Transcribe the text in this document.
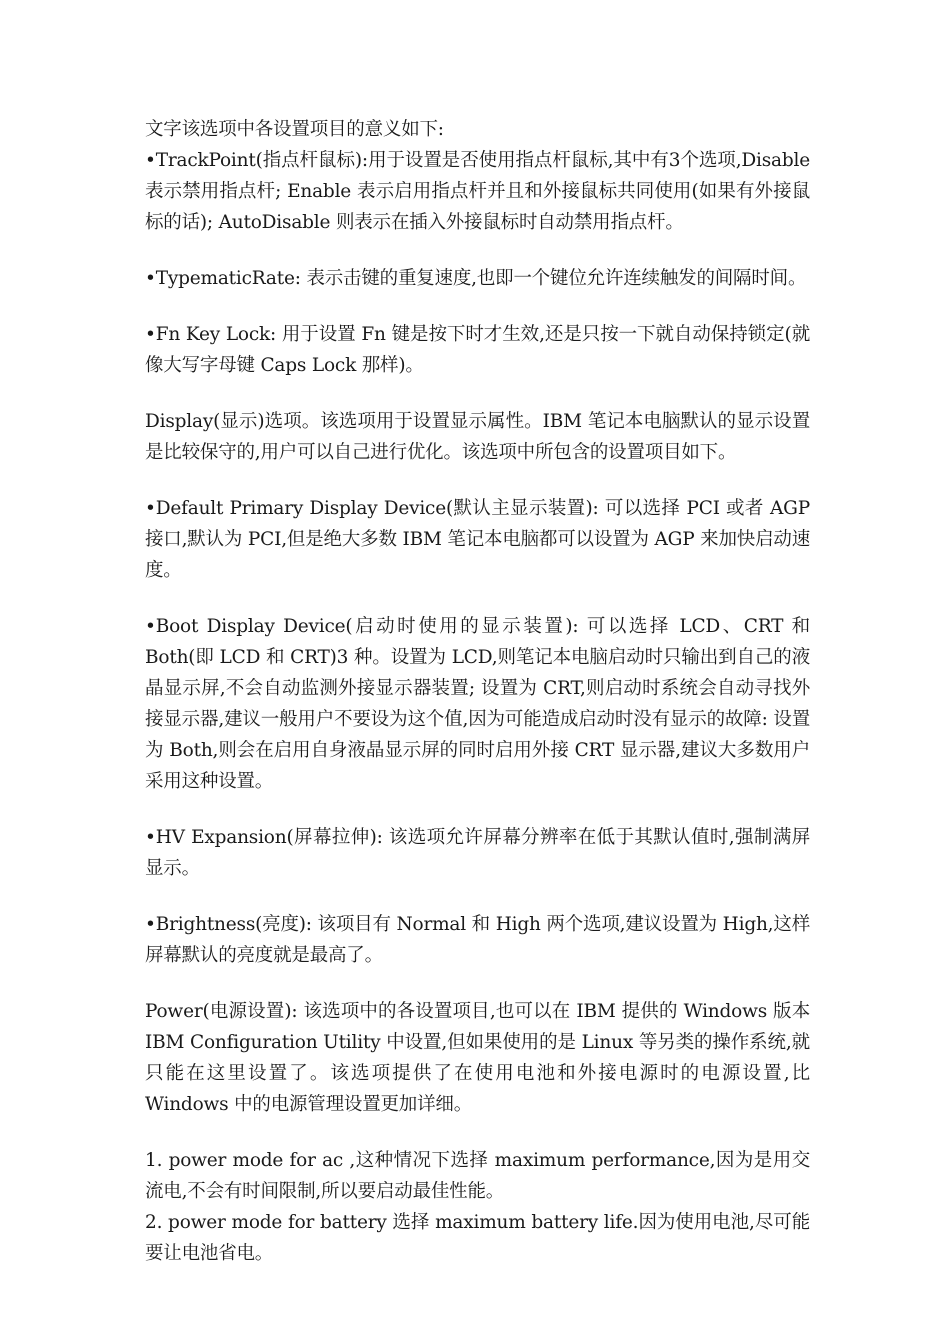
文字该选项中各设置项目的意义如下:

•TrackPoint(指点杆鼠标):用于设置是否使用指点杆鼠标,其中有3个选项,Disable表示禁用指点杆; Enable 表示启用指点杆并且和外接鼠标共同使用(如果有外接鼠标的话); AutoDisable 则表示在插入外接鼠标时自动禁用指点杆。

•TypematicRate: 表示击键的重复速度,也即一个键位允许连续触发的间隔时间。

•Fn Key Lock: 用于设置 Fn 键是按下时才生效,还是只按一下就自动保持锁定(就像大写字母键 Caps Lock 那样)。

Display(显示)选项。该选项用于设置显示属性。IBM 笔记本电脑默认的显示设置是比较保守的,用户可以自己进行优化。该选项中所包含的设置项目如下。

•Default Primary Display Device(默认主显示装置): 可以选择 PCI 或者 AGP 接口,默认为 PCI,但是绝大多数 IBM 笔记本电脑都可以设置为 AGP 来加快启动速度。

•Boot Display Device(启动时使用的显示装置): 可以选择 LCD、CRT 和 Both(即 LCD 和 CRT)3 种。设置为 LCD,则笔记本电脑启动时只输出到自己的液晶显示屏,不会自动监测外接显示器装置; 设置为 CRT,则启动时系统会自动寻找外接显示器,建议一般用户不要设为这个值,因为可能造成启动时没有显示的故障: 设置为 Both,则会在启用自身液晶显示屏的同时启用外接 CRT 显示器,建议大多数用户采用这种设置。

•HV Expansion(屏幕拉伸): 该选项允许屏幕分辨率在低于其默认值时,强制满屏显示。

•Brightness(亮度): 该项目有 Normal 和 High 两个选项,建议设置为 High,这样屏幕默认的亮度就是最高了。

Power(电源设置): 该选项中的各设置项目,也可以在 IBM 提供的 Windows 版本 IBM Configuration Utility 中设置,但如果使用的是 Linux 等另类的操作系统,就只能在这里设置了。该选项提供了在使用电池和外接电源时的电源设置,比 Windows 中的电源管理设置更加详细。

1. power mode for ac ,这种情况下选择 maximum performance,因为是用交流电,不会有时间限制,所以要启动最佳性能。

2. power mode for battery 选择 maximum battery life.因为使用电池,尽可能要让电池省电。
